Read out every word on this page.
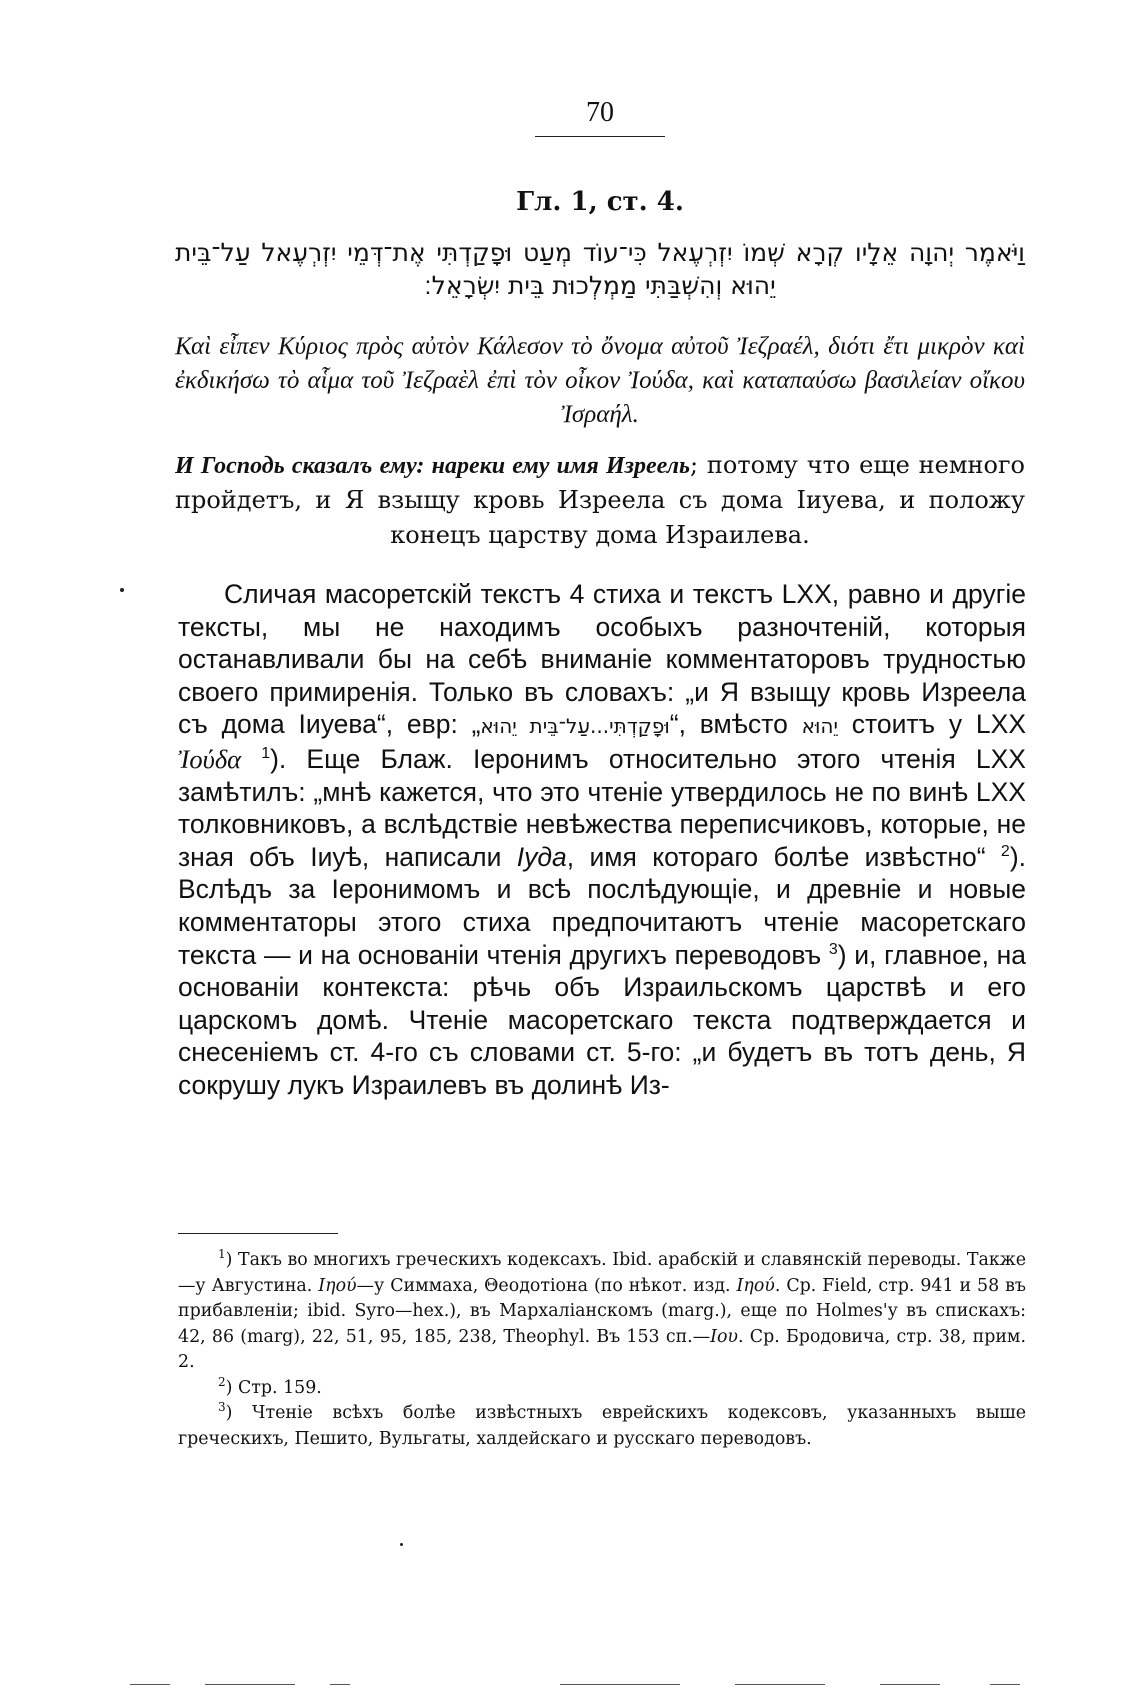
70
Гл. 1, ст. 4.
וַיֹּאמֶר יְהוָה אֵלָיו קְרָא שְׁמוֹ יִזְרְעֶאל כִּי־עוֹד מְעַט וּפָקַדְתִּי אֶת־דְּמֵי יִזְרְעֶאל עַל־בֵּית יֵהוּא וְהִשְׁבַּתִּי מַמְלְכוּת בֵּית יִשְׂרָאֵל׃
Καὶ εἶπεν Κύριος πρὸς αὐτὸν Κάλεσον τὸ ὄνομα αὐτοῦ Ἰεζραέλ, διότι ἔτι μικρὸν καὶ ἐκδικήσω τὸ αἷμα τοῦ Ἰεζραὲλ ἐπὶ τὸν οἶκον Ἰούδα, καὶ καταπαύσω βασιλείαν οἴκου Ἰσραήλ.
И Господь сказалъ ему: нареки ему имя Изреель; потому что еще немного пройдетъ, и Я взыщу кровь Изреела съ дома Іиуева, и положу конецъ царству дома Израилева.
Сличая масоретскій текстъ 4 стиха и текстъ LXX, равно и другіе тексты, мы не находимъ особыхъ разночтеній, которыя останавливали бы на себѣ вниманіе комментаторовъ трудностью своего примиренія. Только въ словахъ: „и Я взыщу кровь Изреела съ дома Іиуева“, евр: „וּפָקַדְתִּי...עַל־בֵּית יֵהוּא“, вмѣсто יֵהוּא стоитъ у LXX Ἰούδα $^1$). Еще Блаж. Іеронимъ относительно этого чтенія LXX замѣтилъ: „мнѣ кажется, что это чтеніе утвердилось не по винѣ LXX толковниковъ, а вслѣдствіе невѣжества переписчиковъ, которые, не зная объ Іиуѣ, написали Іуда, имя котораго болѣе извѣстно“ $^2$). Вслѣдъ за Іеронимомъ и всѣ послѣдующіе, и древніе и новые комментаторы этого стиха предпочитаютъ чтеніе масоретскаго текста — и на основаніи чтенія другихъ переводовъ $^3$) и, главное, на основаніи контекста: рѣчь объ Израильскомъ царствѣ и его царскомъ домѣ. Чтеніе масоретскаго текста подтверждается и снесеніемъ ст. 4-го съ словами ст. 5-го: „и будетъ въ тотъ день, Я сокрушу лукъ Израилевъ въ долинѣ Из-

$^1$) Такъ во многихъ греческихъ кодексахъ. Ibid. арабскій и славянскій переводы. Также—у Августина. Ιηού—у Симмаха, Θеодотіона (по нѣкот. изд. Ιηού. Ср. Field, стр. 941 и 58 въ прибавленіи; ibid. Syro—hex.), въ Мархаліанскомъ (marg.), еще по Holmes'у въ спискахъ: 42, 86 (marg), 22, 51, 95, 185, 238, Theophyl. Въ 153 сп.—Ιου. Ср. Бродовича, стр. 38, прим. 2.

$^2$) Стр. 159.

$^3$) Чтеніе всѣхъ болѣе извѣстныхъ еврейскихъ кодексовъ, указанныхъ выше греческихъ, Пешито, Вульгаты, халдейскаго и русскаго переводовъ.
